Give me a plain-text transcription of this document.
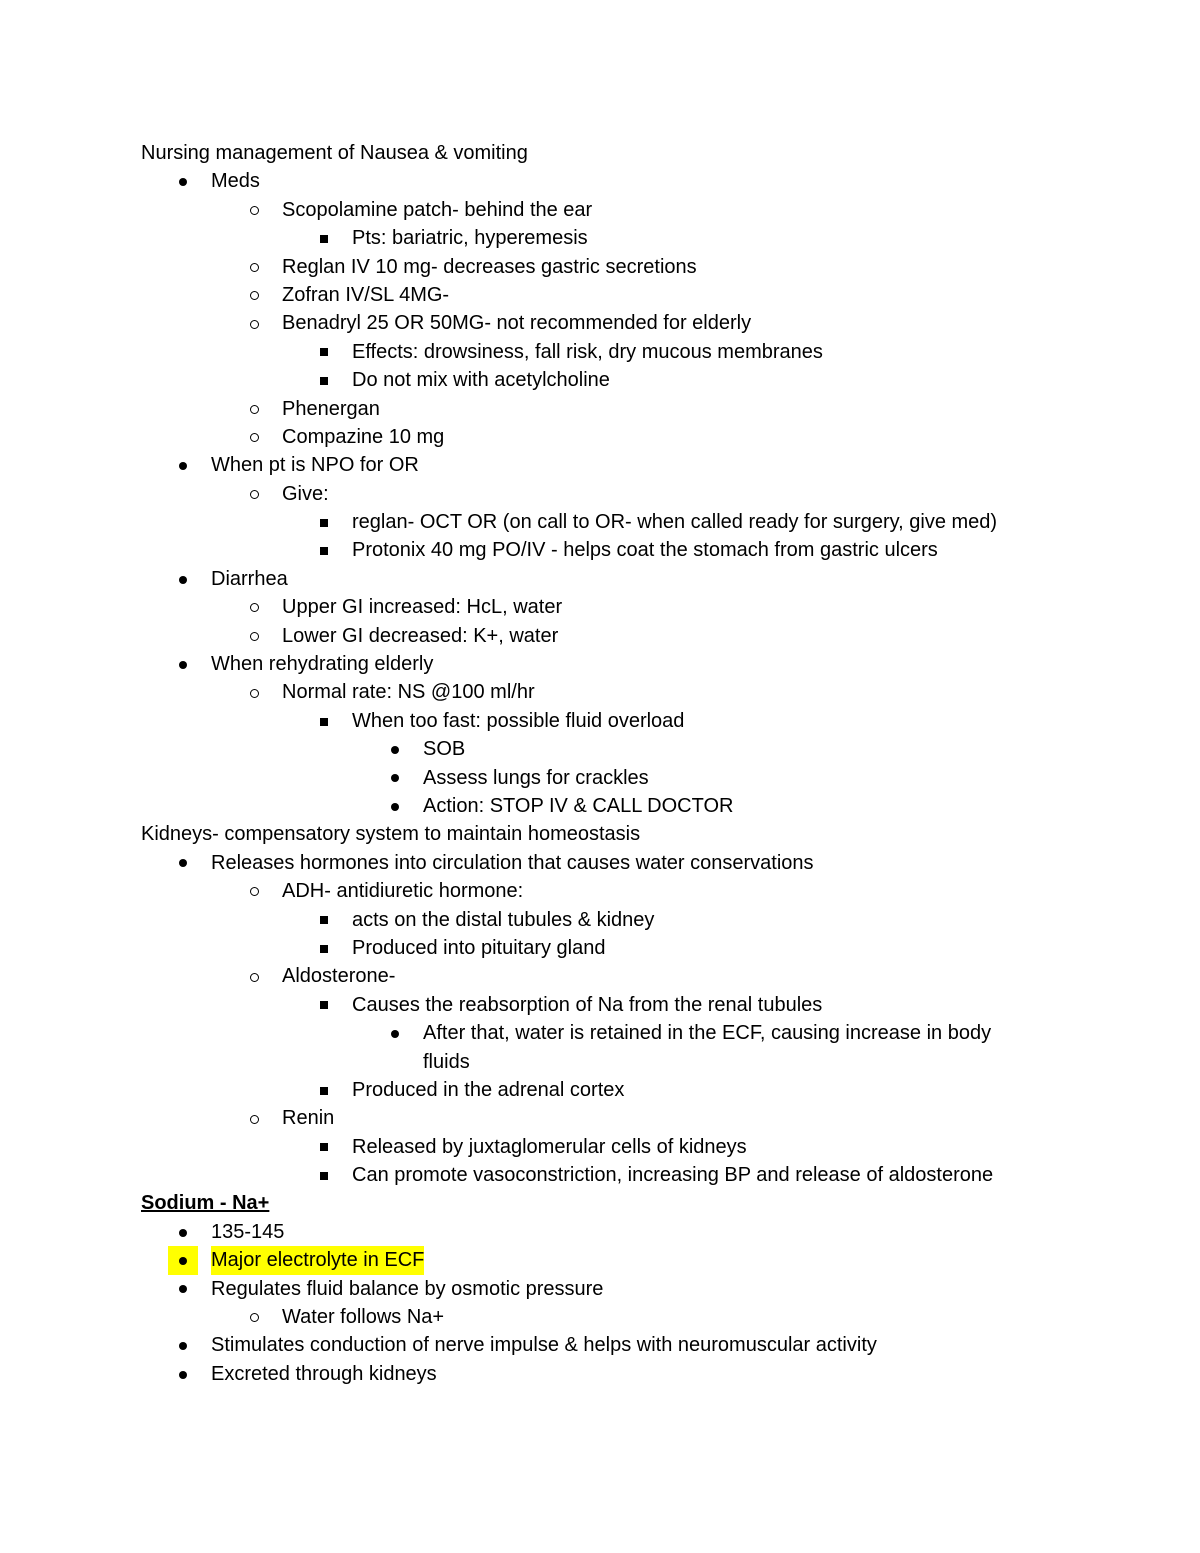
Nursing management of Nausea & vomiting
Meds
Scopolamine patch- behind the ear
Pts: bariatric, hyperemesis
Reglan IV 10 mg- decreases gastric secretions
Zofran IV/SL 4MG-
Benadryl 25 OR 50MG- not recommended for elderly
Effects: drowsiness, fall risk, dry mucous membranes
Do not mix with acetylcholine
Phenergan
Compazine 10 mg
When pt is NPO for OR
Give:
reglan- OCT OR (on call to OR- when called ready for surgery, give med)
Protonix 40 mg PO/IV - helps coat the stomach from gastric ulcers
Diarrhea
Upper GI increased: HcL, water
Lower GI decreased: K+, water
When rehydrating elderly
Normal rate: NS @100 ml/hr
When too fast: possible fluid overload
SOB
Assess lungs for crackles
Action: STOP IV & CALL DOCTOR
Kidneys- compensatory system to maintain homeostasis
Releases hormones into circulation that causes water conservations
ADH- antidiuretic hormone:
acts on the distal tubules & kidney
Produced into pituitary gland
Aldosterone-
Causes the reabsorption of Na from the renal tubules
After that, water is retained in the ECF, causing increase in body fluids
Produced in the adrenal cortex
Renin
Released by juxtaglomerular cells of kidneys
Can promote vasoconstriction, increasing BP and release of aldosterone
Sodium - Na+
135-145
Major electrolyte in ECF
Regulates fluid balance by osmotic pressure
Water follows Na+
Stimulates conduction of nerve impulse & helps with neuromuscular activity
Excreted through kidneys
